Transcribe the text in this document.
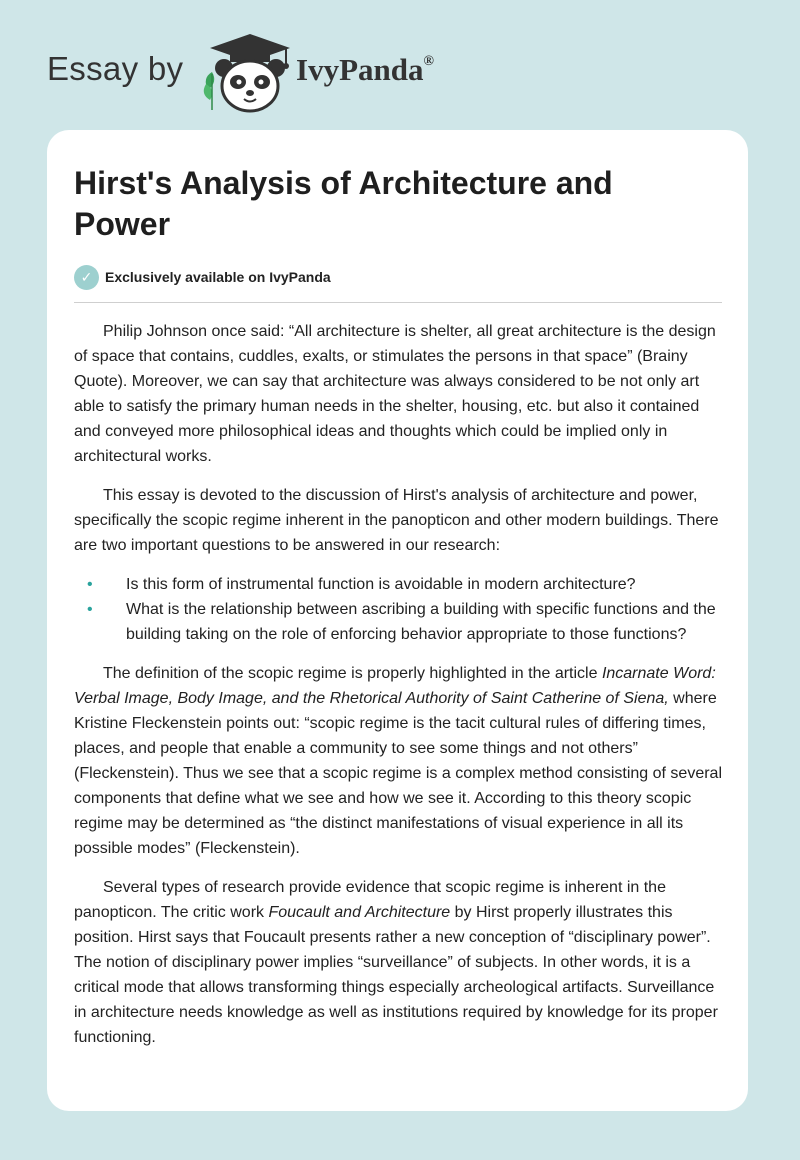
Essay by	IvyPanda®
Hirst's Analysis of Architecture and Power
✓ Exclusively available on IvyPanda

Philip Johnson once said: “All architecture is shelter, all great architecture is the design of space that contains, cuddles, exalts, or stimulates the persons in that space” (Brainy Quote). Moreover, we can say that architecture was always considered to be not only art able to satisfy the primary human needs in the shelter, housing, etc. but also it contained and conveyed more philosophical ideas and thoughts which could be implied only in architectural works.

This essay is devoted to the discussion of Hirst's analysis of architecture and power, specifically the scopic regime inherent in the panopticon and other modern buildings. There are two important questions to be answered in our research:

• Is this form of instrumental function is avoidable in modern architecture?
• What is the relationship between ascribing a building with specific functions and the building taking on the role of enforcing behavior appropriate to those functions?

The definition of the scopic regime is properly highlighted in the article Incarnate Word: Verbal Image, Body Image, and the Rhetorical Authority of Saint Catherine of Siena, where Kristine Fleckenstein points out: “scopic regime is the tacit cultural rules of differing times, places, and people that enable a community to see some things and not others” (Fleckenstein). Thus we see that a scopic regime is a complex method consisting of several components that define what we see and how we see it. According to this theory scopic regime may be determined as “the distinct manifestations of visual experience in all its possible modes” (Fleckenstein).

Several types of research provide evidence that scopic regime is inherent in the panopticon. The critic work Foucault and Architecture by Hirst properly illustrates this position. Hirst says that Foucault presents rather a new conception of “disciplinary power”. The notion of disciplinary power implies “surveillance” of subjects. In other words, it is a critical mode that allows transforming things especially archeological artifacts. Surveillance in architecture needs knowledge as well as institutions required by knowledge for its proper functioning.
